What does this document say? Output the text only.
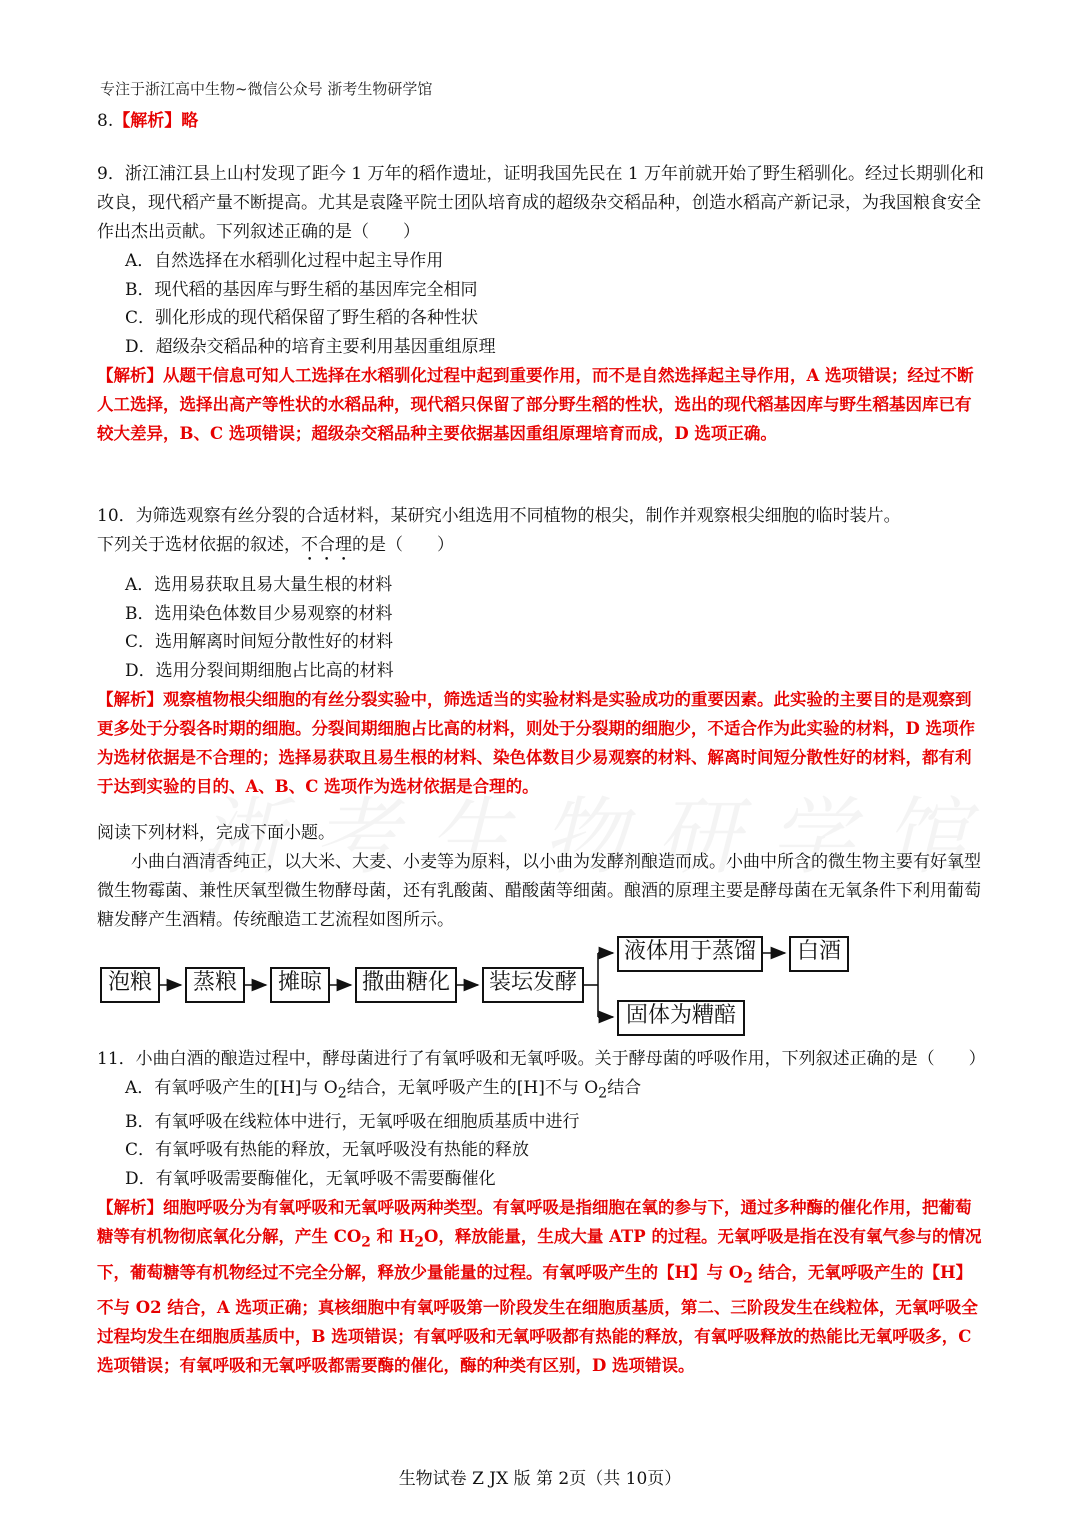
专注于浙江高中生物~微信公众号 浙考生物研学馆
8.【解析】略
9．浙江浦江县上山村发现了距今 1 万年的稻作遗址，证明我国先民在 1 万年前就开始了野生稻驯化。经过长期驯化和改良，现代稻产量不断提高。尤其是袁隆平院士团队培育成的超级杂交稻品种，创造水稻高产新记录，为我国粮食安全作出杰出贡献。下列叙述正确的是（　　）
A．自然选择在水稻驯化过程中起主导作用
B．现代稻的基因库与野生稻的基因库完全相同
C．驯化形成的现代稻保留了野生稻的各种性状
D．超级杂交稻品种的培育主要利用基因重组原理
【解析】从题干信息可知人工选择在水稻驯化过程中起到重要作用，而不是自然选择起主导作用，A 选项错误；经过不断人工选择，选择出高产等性状的水稻品种，现代稻只保留了部分野生稻的性状，选出的现代稻基因库与野生稻基因库已有较大差异，B、C 选项错误；超级杂交稻品种主要依据基因重组原理培育而成，D 选项正确。
10．为筛选观察有丝分裂的合适材料，某研究小组选用不同植物的根尖，制作并观察根尖细胞的临时装片。
下列关于选材依据的叙述，不合理的是（　　）
A．选用易获取且易大量生根的材料
B．选用染色体数目少易观察的材料
C．选用解离时间短分散性好的材料
D．选用分裂间期细胞占比高的材料
【解析】观察植物根尖细胞的有丝分裂实验中，筛选适当的实验材料是实验成功的重要因素。此实验的主要目的是观察到更多处于分裂各时期的细胞。分裂间期细胞占比高的材料，则处于分裂期的细胞少，不适合作为此实验的材料，D 选项作为选材依据是不合理的；选择易获取且易生根的材料、染色体数目少易观察的材料、解离时间短分散性好的材料，都有利于达到实验的目的、A、B、C 选项作为选材依据是合理的。
阅读下列材料，完成下面小题。
小曲白酒清香纯正，以大米、大麦、小麦等为原料，以小曲为发酵剂酿造而成。小曲中所含的微生物主要有好氧型微生物霉菌、兼性厌氧型微生物酵母菌，还有乳酸菌、醋酸菌等细菌。酿酒的原理主要是酵母菌在无氧条件下利用葡萄糖发酵产生酒精。传统酿造工艺流程如图所示。
泡粮	蒸粮	摊晾	撒曲糖化	装坛发酵
液体用于蒸馏	白酒
固体为糟醅
11．小曲白酒的酿造过程中，酵母菌进行了有氧呼吸和无氧呼吸。关于酵母菌的呼吸作用，下列叙述正确的是（　　）
A．有氧呼吸产生的[H]与 $O_2$结合，无氧呼吸产生的[H]不与 $O_2$结合
B．有氧呼吸在线粒体中进行，无氧呼吸在细胞质基质中进行
C．有氧呼吸有热能的释放，无氧呼吸没有热能的释放
D．有氧呼吸需要酶催化，无氧呼吸不需要酶催化
【解析】细胞呼吸分为有氧呼吸和无氧呼吸两种类型。有氧呼吸是指细胞在氧的参与下，通过多种酶的催化作用，把葡萄糖等有机物彻底氧化分解，产生 $CO_2$ 和 $H_2O$，释放能量，生成大量 ATP 的过程。无氧呼吸是指在没有氧气参与的情况下，葡萄糖等有机物经过不完全分解，释放少量能量的过程。有氧呼吸产生的【H】与 $O_2$ 结合，无氧呼吸产生的【H】不与 O2 结合，A 选项正确；真核细胞中有氧呼吸第一阶段发生在细胞质基质，第二、三阶段发生在线粒体，无氧呼吸全过程均发生在细胞质基质中，B 选项错误；有氧呼吸和无氧呼吸都有热能的释放，有氧呼吸释放的热能比无氧呼吸多，C 选项错误；有氧呼吸和无氧呼吸都需要酶的催化，酶的种类有区别，D 选项错误。
生物试卷 Z JX 版 第 2页（共 10页）
